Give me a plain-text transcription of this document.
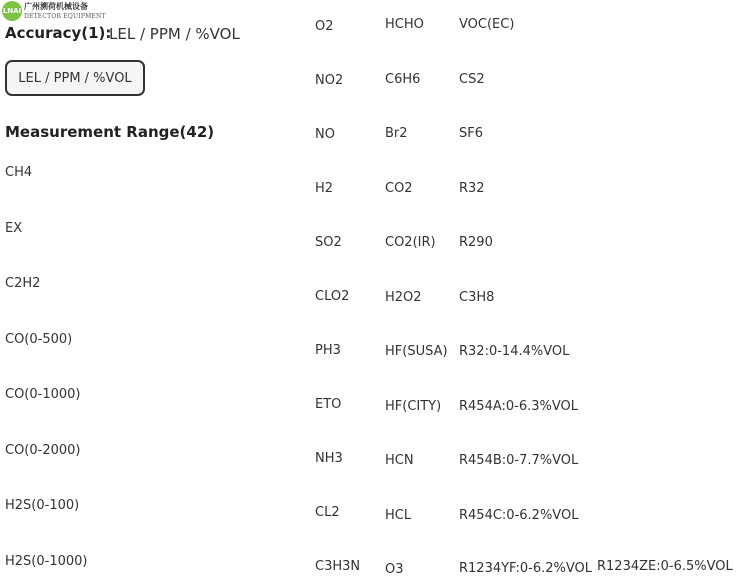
LNAI 广州溯荷机械设备
DETECTOR EQUIPMENT
Accuracy(1):
LEL / PPM / %VOL
LEL / PPM / %VOL
Measurement Range(42)
CH4
EX
C2H2
CO(0-500)
CO(0-1000)
CO(0-2000)
H2S(0-100)
H2S(0-1000)
O2
NO2
NO
H2
SO2
CLO2
PH3
ETO
NH3
CL2
C3H3N
HCHO
C6H6
Br2
CO2
CO2(IR)
H2O2
HF(SUSA)
HF(CITY)
HCN
HCL
O3
VOC(EC)
CS2
SF6
R32
R290
C3H8
R32:0-14.4%VOL
R454A:0-6.3%VOL
R454B:0-7.7%VOL
R454C:0-6.2%VOL
R1234YF:0-6.2%VOL R1234ZE:0-6.5%VOL
